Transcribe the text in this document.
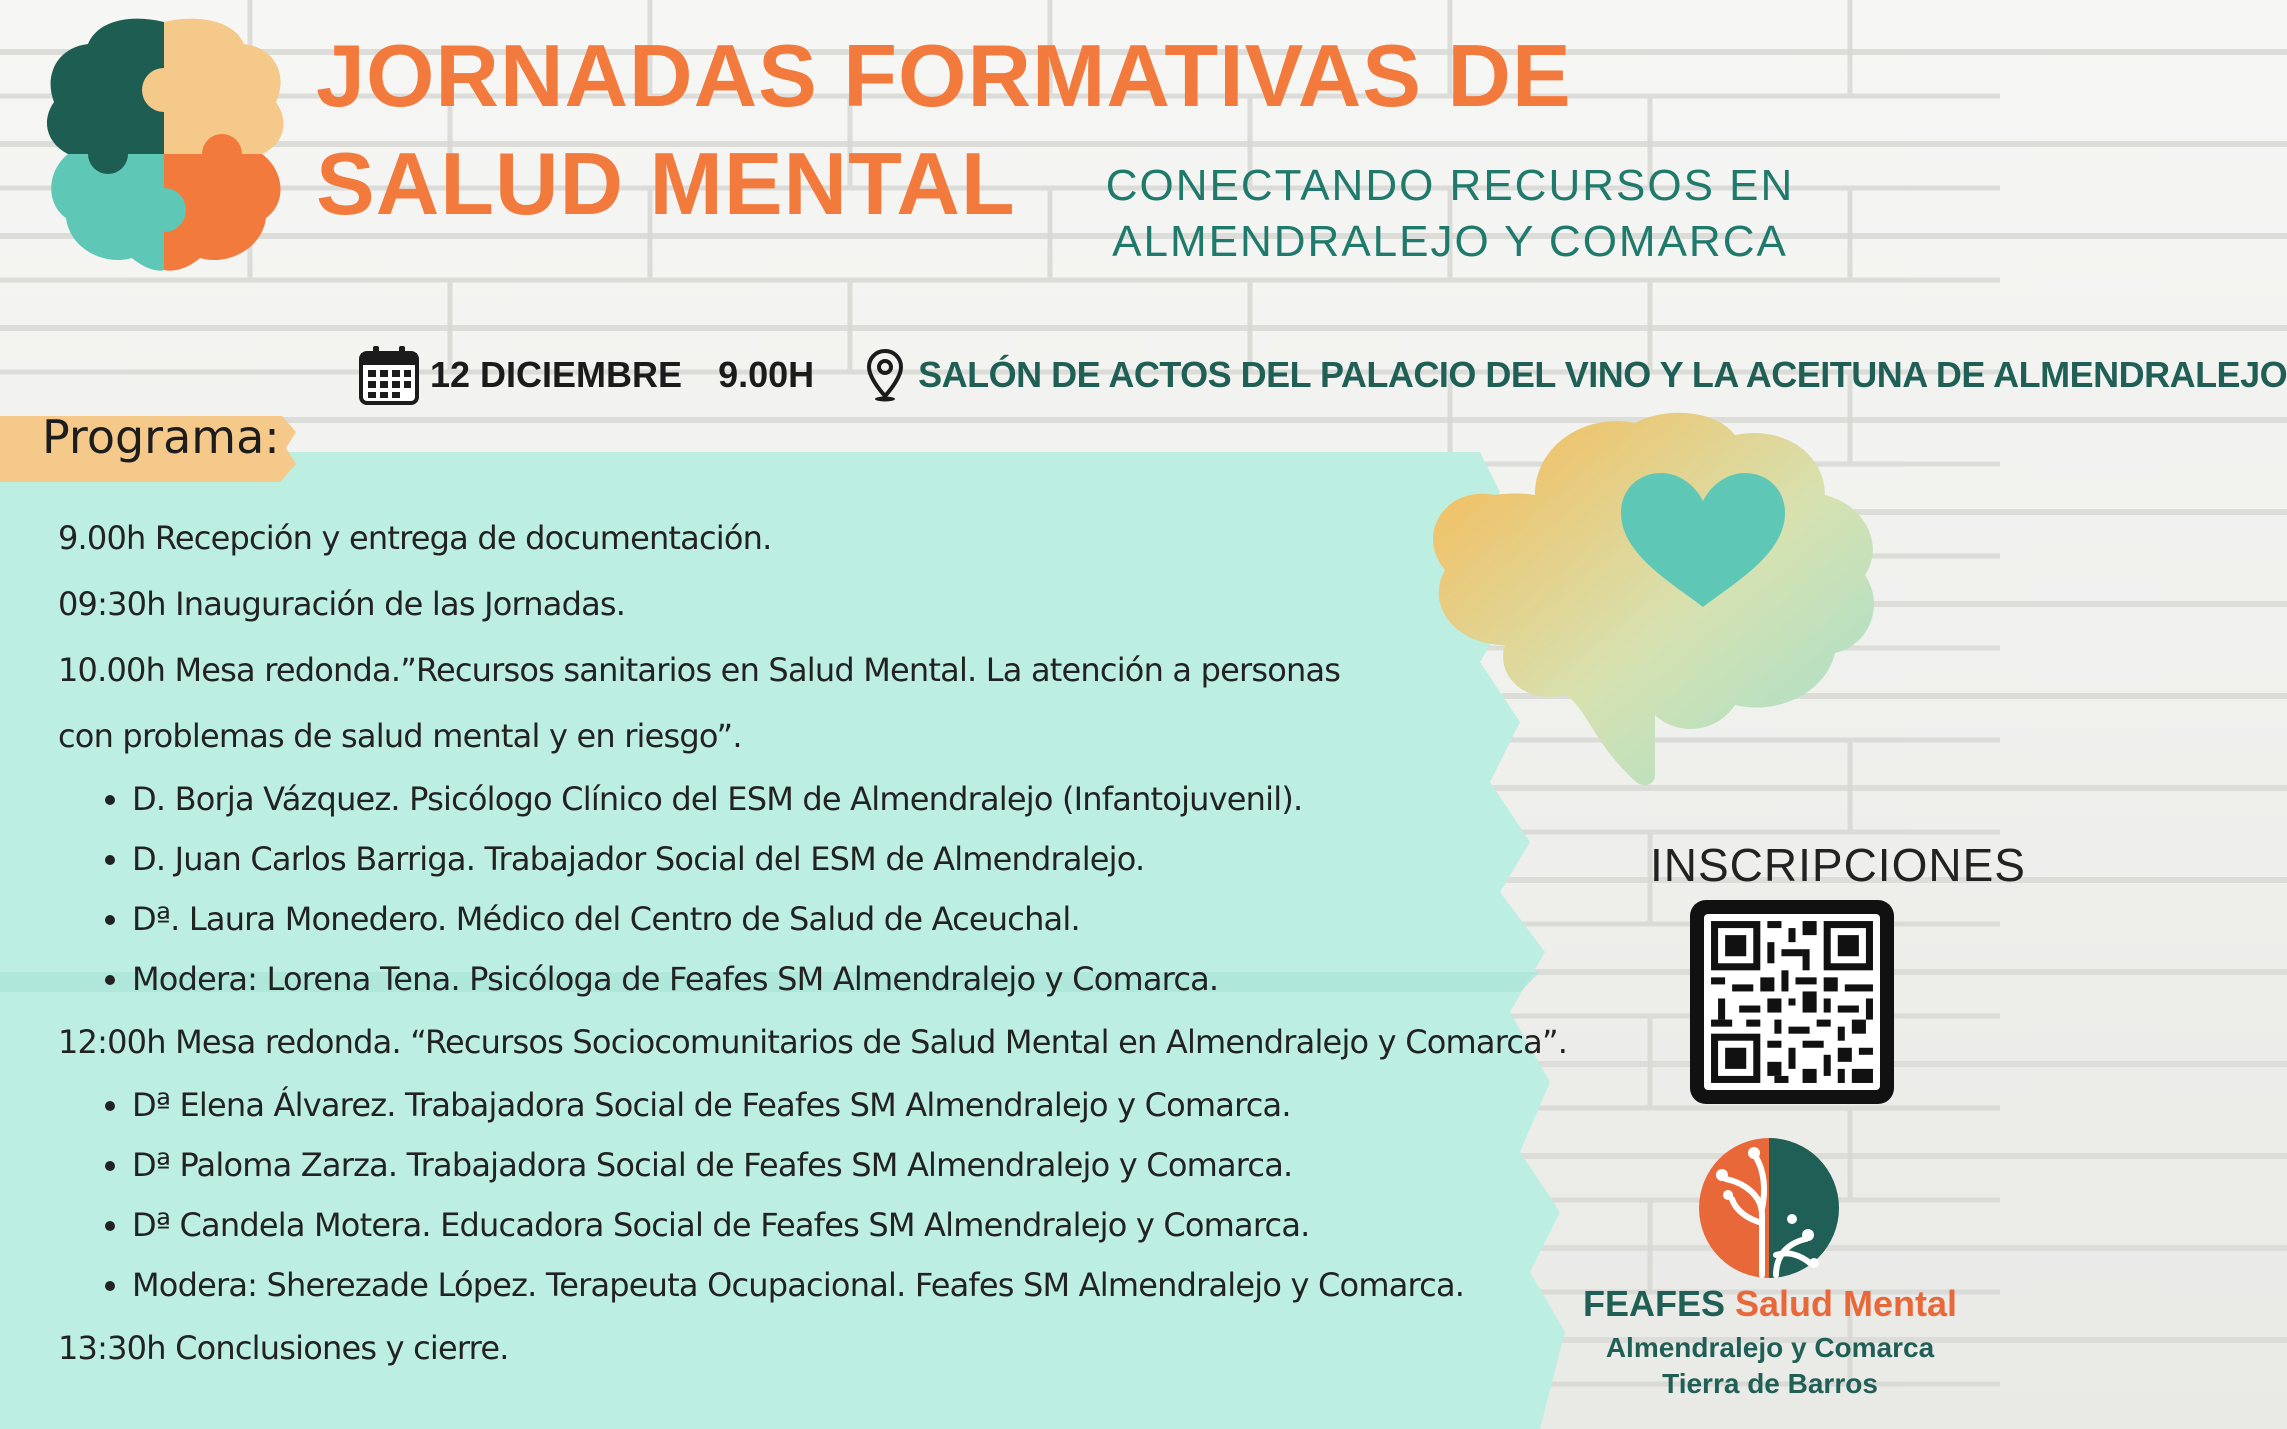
JORNADAS FORMATIVAS DE
SALUD MENTAL	CONECTANDO RECURSOS EN
ALMENDRALEJO Y COMARCA
12 DICIEMBRE 9.00H	SALÓN DE ACTOS DEL PALACIO DEL VINO Y LA ACEITUNA DE ALMENDRALEJO
Programa:
9.00h Recepción y entrega de documentación.
09:30h Inauguración de las Jornadas.
10.00h Mesa redonda.”Recursos sanitarios en Salud Mental. La atención a personas con problemas de salud mental y en riesgo”.
• D. Borja Vázquez. Psicólogo Clínico del ESM de Almendralejo (Infantojuvenil).
• D. Juan Carlos Barriga. Trabajador Social del ESM de Almendralejo.
• Dª. Laura Monedero. Médico del Centro de Salud de Aceuchal.
• Modera: Lorena Tena. Psicóloga de Feafes SM Almendralejo y Comarca.
12:00h Mesa redonda. “Recursos Sociocomunitarios de Salud Mental en Almendralejo y Comarca”.
• Dª Elena Álvarez. Trabajadora Social de Feafes SM Almendralejo y Comarca.
• Dª Paloma Zarza. Trabajadora Social de Feafes SM Almendralejo y Comarca.
• Dª Candela Motera. Educadora Social de Feafes SM Almendralejo y Comarca.
• Modera: Sherezade López. Terapeuta Ocupacional. Feafes SM Almendralejo y Comarca.
13:30h Conclusiones y cierre.
INSCRIPCIONES
FEAFES Salud Mental
Almendralejo y Comarca
Tierra de Barros
